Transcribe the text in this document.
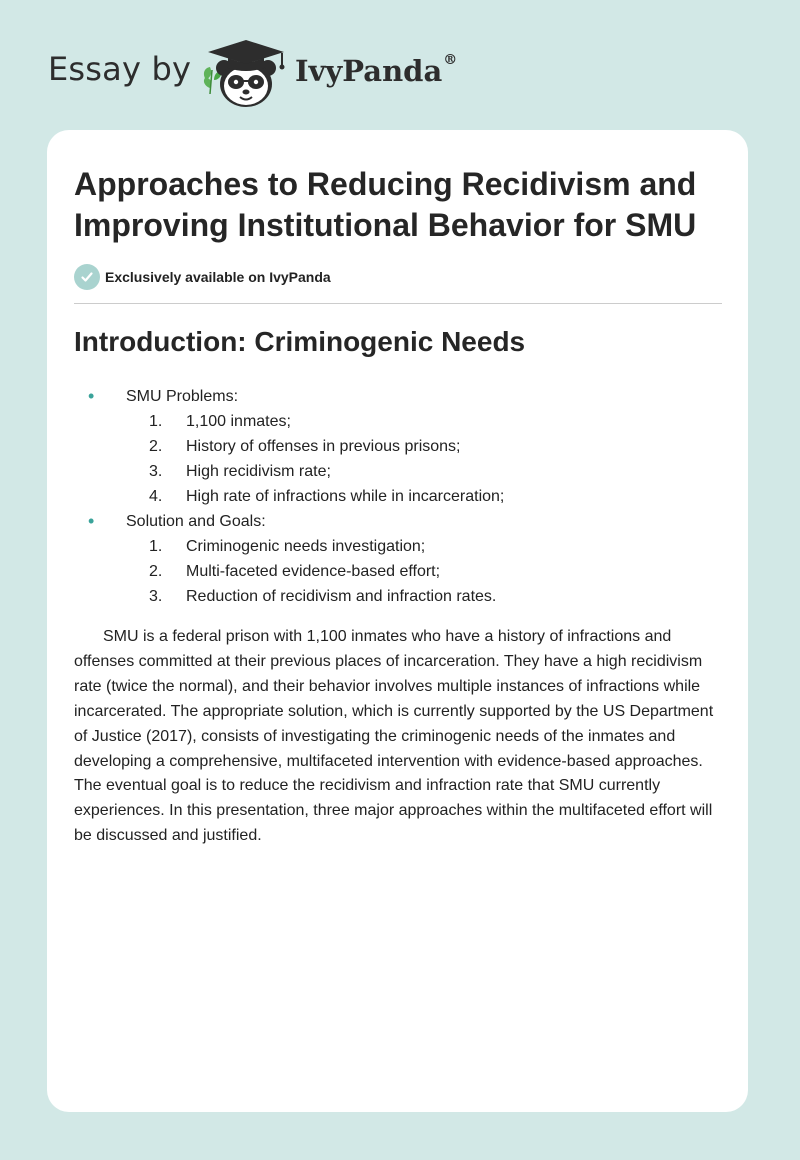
Essay by	IvyPanda®
Approaches to Reducing Recidivism and Improving Institutional Behavior for SMU
Exclusively available on IvyPanda
Introduction: Criminogenic Needs
• SMU Problems:
1. 1,100 inmates;
2. History of offenses in previous prisons;
3. High recidivism rate;
4. High rate of infractions while in incarceration;
• Solution and Goals:
1. Criminogenic needs investigation;
2. Multi-faceted evidence-based effort;
3. Reduction of recidivism and infraction rates.

SMU is a federal prison with 1,100 inmates who have a history of infractions and offenses committed at their previous places of incarceration. They have a high recidivism rate (twice the normal), and their behavior involves multiple instances of infractions while incarcerated. The appropriate solution, which is currently supported by the US Department of Justice (2017), consists of investigating the criminogenic needs of the inmates and developing a comprehensive, multifaceted intervention with evidence-based approaches. The eventual goal is to reduce the recidivism and infraction rate that SMU currently experiences. In this presentation, three major approaches within the multifaceted effort will be discussed and justified.
